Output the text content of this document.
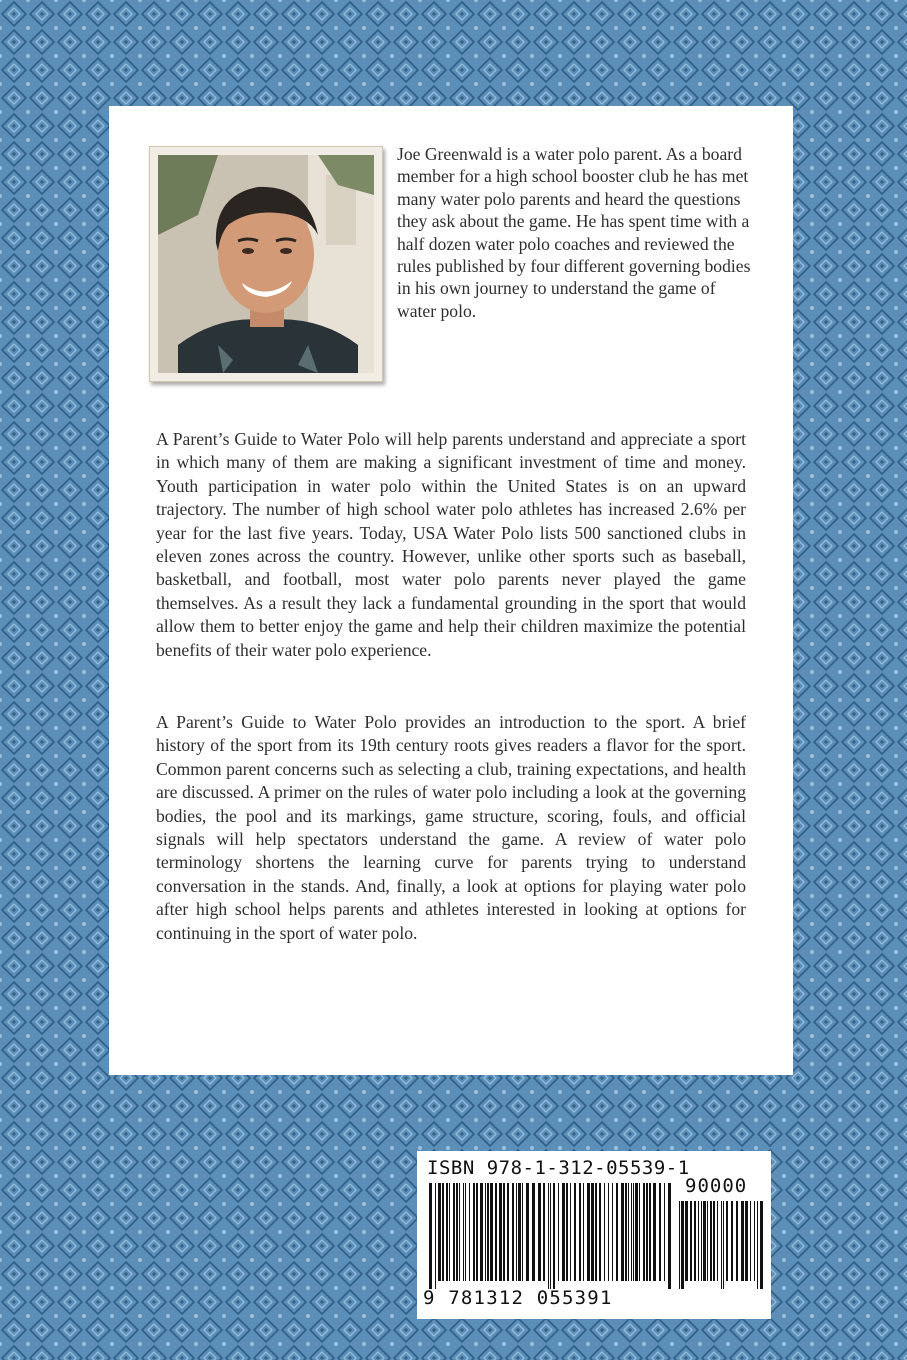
Joe Greenwald is a water polo parent. As a board member for a high school booster club he has met many water polo parents and heard the questions they ask about the game. He has spent time with a half dozen water polo coaches and reviewed the rules published by four different governing bodies in his own journey to understand the game of water polo.

A Parent’s Guide to Water Polo will help parents understand and appreciate a sport in which many of them are making a significant investment of time and money. Youth participation in water polo within the United States is on an upward trajectory. The number of high school water polo athletes has increased 2.6% per year for the last five years. Today, USA Water Polo lists 500 sanctioned clubs in eleven zones across the country. However, unlike other sports such as baseball, basketball, and football, most water polo parents never played the game themselves. As a result they lack a fundamental grounding in the sport that would allow them to better enjoy the game and help their children maximize the potential benefits of their water polo experience.

A Parent’s Guide to Water Polo provides an introduction to the sport. A brief history of the sport from its 19th century roots gives readers a flavor for the sport. Common parent concerns such as selecting a club, training expectations, and health are discussed. A primer on the rules of water polo including a look at the governing bodies, the pool and its markings, game structure, scoring, fouls, and official signals will help spectators understand the game. A review of water polo terminology shortens the learning curve for parents trying to understand conversation in the stands. And, finally, a look at options for playing water polo after high school helps parents and athletes interested in looking at options for continuing in the sport of water polo.

ISBN 978-1-312-05539-1
90000
9 781312 055391
